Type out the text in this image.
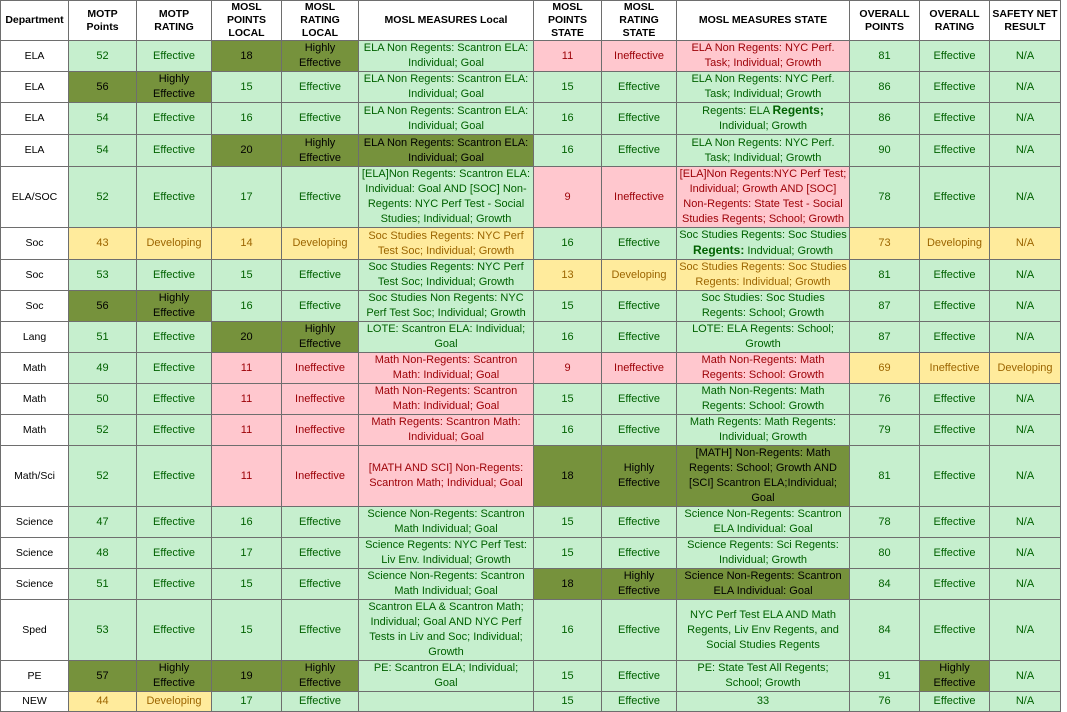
Department	MOTP Points	MOTP RATING	MOSL POINTS LOCAL	MOSL RATING LOCAL	MOSL MEASURES Local	MOSL POINTS STATE	MOSL RATING STATE	MOSL MEASURES STATE	OVERALL POINTS	OVERALL RATING	SAFETY NET RESULT
ELA	52	Effective	18	Highly Effective	ELA Non Regents: Scantron ELA: Individual; Goal	11	Ineffective	ELA Non Regents: NYC Perf. Task; Individual; Growth	81	Effective	N/A
ELA	56	Highly Effective	15	Effective	ELA Non Regents: Scantron ELA: Individual; Goal	15	Effective	ELA Non Regents: NYC Perf. Task; Individual; Growth	86	Effective	N/A
ELA	54	Effective	16	Effective	ELA Non Regents: Scantron ELA: Individual; Goal	16	Effective	Regents: ELA Regents; Individual; Growth	86	Effective	N/A
ELA	54	Effective	20	Highly Effective	ELA Non Regents: Scantron ELA: Individual; Goal	16	Effective	ELA Non Regents: NYC Perf. Task; Individual; Growth	90	Effective	N/A
ELA/SOC	52	Effective	17	Effective	[ELA]Non Regents: Scantron ELA: Individual: Goal AND [SOC] Non-Regents: NYC Perf Test - Social Studies; Individual; Growth	9	Ineffective	[ELA]Non Regents:NYC Perf Test; Individual; Growth AND [SOC] Non-Regents: State Test - Social Studies Regents; School; Growth	78	Effective	N/A
Soc	43	Developing	14	Developing	Soc Studies Regents: NYC Perf Test Soc; Individual; Growth	16	Effective	Soc Studies Regents: Soc Studies Regents: Indvidual; Growth	73	Developing	N/A
Soc	53	Effective	15	Effective	Soc Studies Regents: NYC Perf Test Soc; Individual; Growth	13	Developing	Soc Studies Regents: Soc Studies Regents: Individual; Growth	81	Effective	N/A
Soc	56	Highly Effective	16	Effective	Soc Studies Non Regents: NYC Perf Test Soc; Individual; Growth	15	Effective	Soc Studies: Soc Studies Regents: School; Growth	87	Effective	N/A
Lang	51	Effective	20	Highly Effective	LOTE: Scantron ELA: Individual; Goal	16	Effective	LOTE: ELA Regents: School; Growth	87	Effective	N/A
Math	49	Effective	11	Ineffective	Math Non-Regents: Scantron Math: Individual; Goal	9	Ineffective	Math Non-Regents: Math Regents: School: Growth	69	Ineffective	Developing
Math	50	Effective	11	Ineffective	Math Non-Regents: Scantron Math: Individual; Goal	15	Effective	Math Non-Regents: Math Regents: School: Growth	76	Effective	N/A
Math	52	Effective	11	Ineffective	Math Regents: Scantron Math: Individual; Goal	16	Effective	Math Regents: Math Regents: Individual; Growth	79	Effective	N/A
Math/Sci	52	Effective	11	Ineffective	[MATH AND SCI] Non-Regents: Scantron Math; Individual; Goal	18	Highly Effective	[MATH] Non-Regents: Math Regents: School; Growth AND [SCI] Scantron ELA;Individual; Goal	81	Effective	N/A
Science	47	Effective	16	Effective	Science Non-Regents: Scantron Math Individual; Goal	15	Effective	Science Non-Regents: Scantron ELA Individual: Goal	78	Effective	N/A
Science	48	Effective	17	Effective	Science Regents: NYC Perf Test: Liv Env. Individual; Growth	15	Effective	Science Regents: Sci Regents: Individual; Growth	80	Effective	N/A
Science	51	Effective	15	Effective	Science Non-Regents: Scantron Math Individual; Goal	18	Highly Effective	Science Non-Regents: Scantron ELA Individual: Goal	84	Effective	N/A
Sped	53	Effective	15	Effective	Scantron ELA & Scantron Math; Individual; Goal AND NYC Perf Tests in Liv and Soc; Individual; Growth	16	Effective	NYC Perf Test ELA AND Math Regents, Liv Env Regents, and Social Studies Regents	84	Effective	N/A
PE	57	Highly Effective	19	Highly Effective	PE: Scantron ELA; Individual; Goal	15	Effective	PE: State Test All Regents; School; Growth	91	Highly Effective	N/A
NEW	44	Developing	17	Effective		15	Effective	33	76	Effective	N/A
